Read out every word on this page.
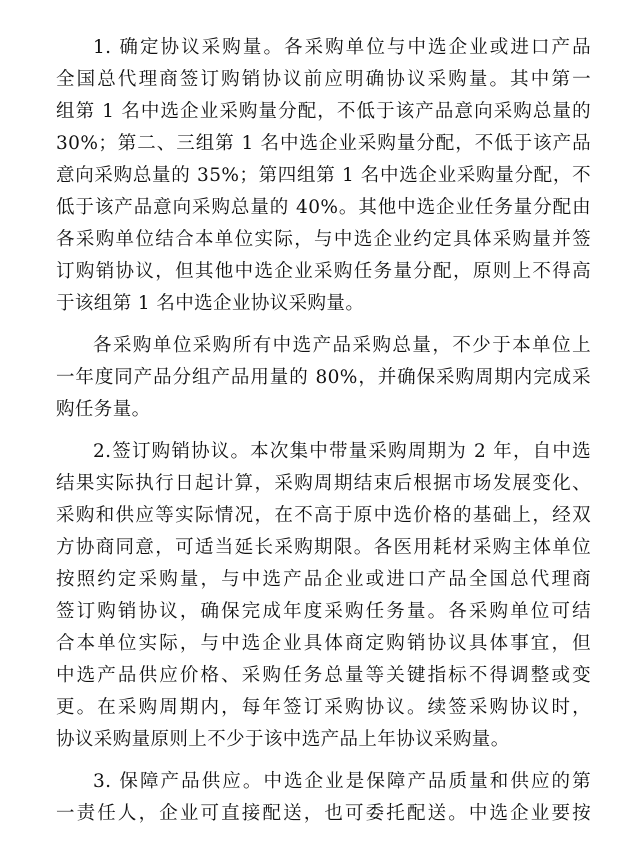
1. 确定协议采购量。各采购单位与中选企业或进口产品
全国总代理商签订购销协议前应明确协议采购量。其中第一
组第 1 名中选企业采购量分配，不低于该产品意向采购总量的
30%；第二、三组第 1 名中选企业采购量分配，不低于该产品
意向采购总量的 35%；第四组第 1 名中选企业采购量分配，不
低于该产品意向采购总量的 40%。其他中选企业任务量分配由
各采购单位结合本单位实际，与中选企业约定具体采购量并签
订购销协议，但其他中选企业采购任务量分配，原则上不得高
于该组第 1 名中选企业协议采购量。
各采购单位采购所有中选产品采购总量，不少于本单位上
一年度同产品分组产品用量的 80%，并确保采购周期内完成采
购任务量。
2.签订购销协议。本次集中带量采购周期为 2 年，自中选
结果实际执行日起计算，采购周期结束后根据市场发展变化、
采购和供应等实际情况，在不高于原中选价格的基础上，经双
方协商同意，可适当延长采购期限。各医用耗材采购主体单位
按照约定采购量，与中选产品企业或进口产品全国总代理商
签订购销协议，确保完成年度采购任务量。各采购单位可结
合本单位实际，与中选企业具体商定购销协议具体事宜，但
中选产品供应价格、采购任务总量等关键指标不得调整或变
更。在采购周期内，每年签订采购协议。续签采购协议时，
协议采购量原则上不少于该中选产品上年协议采购量。
3. 保障产品供应。中选企业是保障产品质量和供应的第
一责任人，企业可直接配送，也可委托配送。中选企业要按
